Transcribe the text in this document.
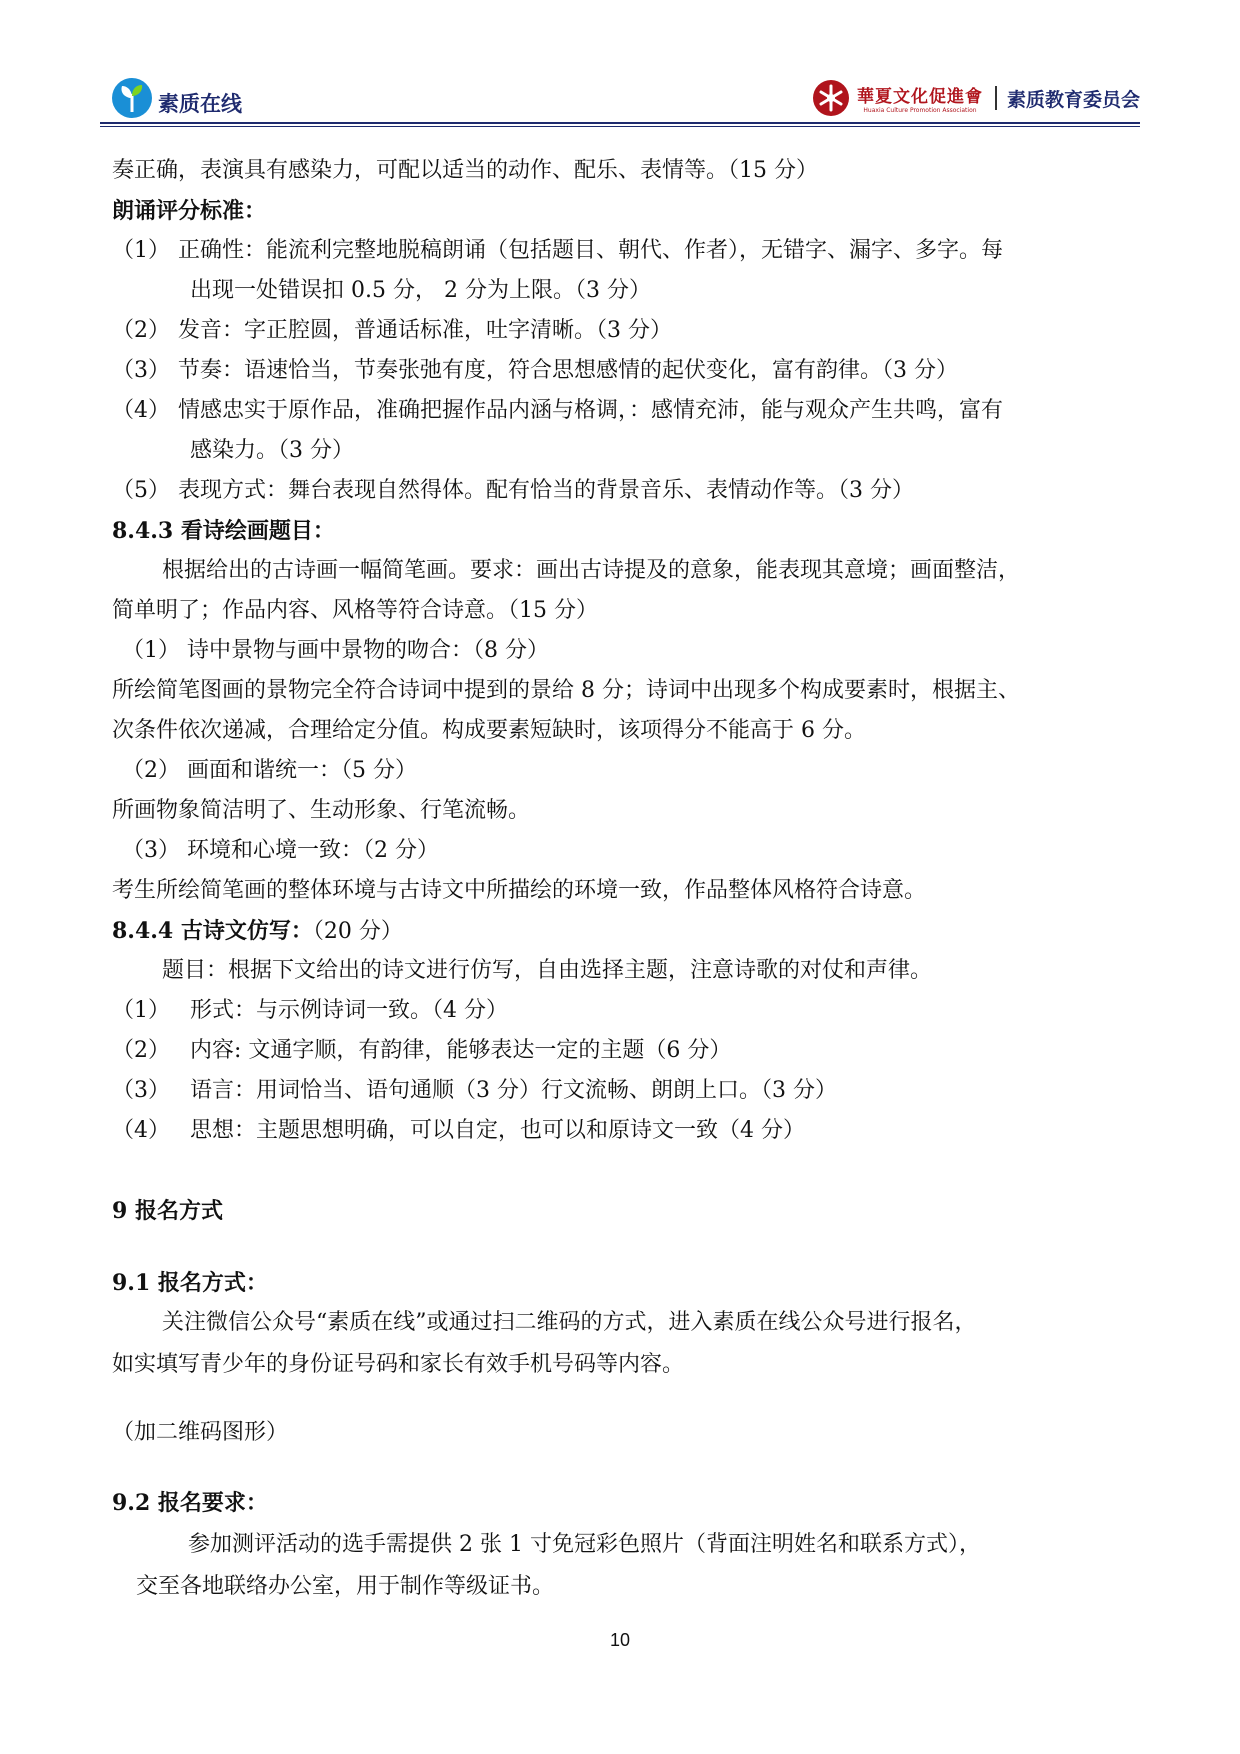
素质在线	華夏文化促進會
Huaxia Culture Promotion Association 素质教育委员会
奏正确，表演具有感染力，可配以适当的动作、配乐、表情等。（15 分）
朗诵评分标准：
（1） 正确性：能流利完整地脱稿朗诵（包括题目、朝代、作者），无错字、漏字、多字。每
出现一处错误扣 0.5 分， 2 分为上限。（3 分）
（2） 发音：字正腔圆，普通话标准，吐字清晰。（3 分）
（3） 节奏：语速恰当，节奏张弛有度，符合思想感情的起伏变化，富有韵律。（3 分）
（4） 情感忠实于原作品，准确把握作品内涵与格调，：感情充沛，能与观众产生共鸣，富有
感染力。（3 分）
（5） 表现方式：舞台表现自然得体。配有恰当的背景音乐、表情动作等。（3 分）
8.4.3 看诗绘画题目：
根据给出的古诗画一幅简笔画。要求：画出古诗提及的意象，能表现其意境；画面整洁，
简单明了；作品内容、风格等符合诗意。（15 分）
（1） 诗中景物与画中景物的吻合：（8 分）
所绘简笔图画的景物完全符合诗词中提到的景给 8 分；诗词中出现多个构成要素时，根据主、
次条件依次递减，合理给定分值。构成要素短缺时，该项得分不能高于 6 分。
（2） 画面和谐统一：（5 分）
所画物象简洁明了、生动形象、行笔流畅。
（3） 环境和心境一致：（2 分）
考生所绘简笔画的整体环境与古诗文中所描绘的环境一致，作品整体风格符合诗意。
8.4.4 古诗文仿写：（20 分）
题目：根据下文给出的诗文进行仿写，自由选择主题，注意诗歌的对仗和声律。
（1） 形式：与示例诗词一致。（4 分）
（2） 内容: 文通字顺，有韵律，能够表达一定的主题（6 分）
（3） 语言：用词恰当、语句通顺（3 分）行文流畅、朗朗上口。（3 分）
（4） 思想：主题思想明确，可以自定，也可以和原诗文一致（4 分）
9 报名方式
9.1 报名方式：
关注微信公众号“素质在线”或通过扫二维码的方式，进入素质在线公众号进行报名，
如实填写青少年的身份证号码和家长有效手机号码等内容。
（加二维码图形）
9.2 报名要求：
参加测评活动的选手需提供 2 张 1 寸免冠彩色照片（背面注明姓名和联系方式），
交至各地联络办公室，用于制作等级证书。
10
